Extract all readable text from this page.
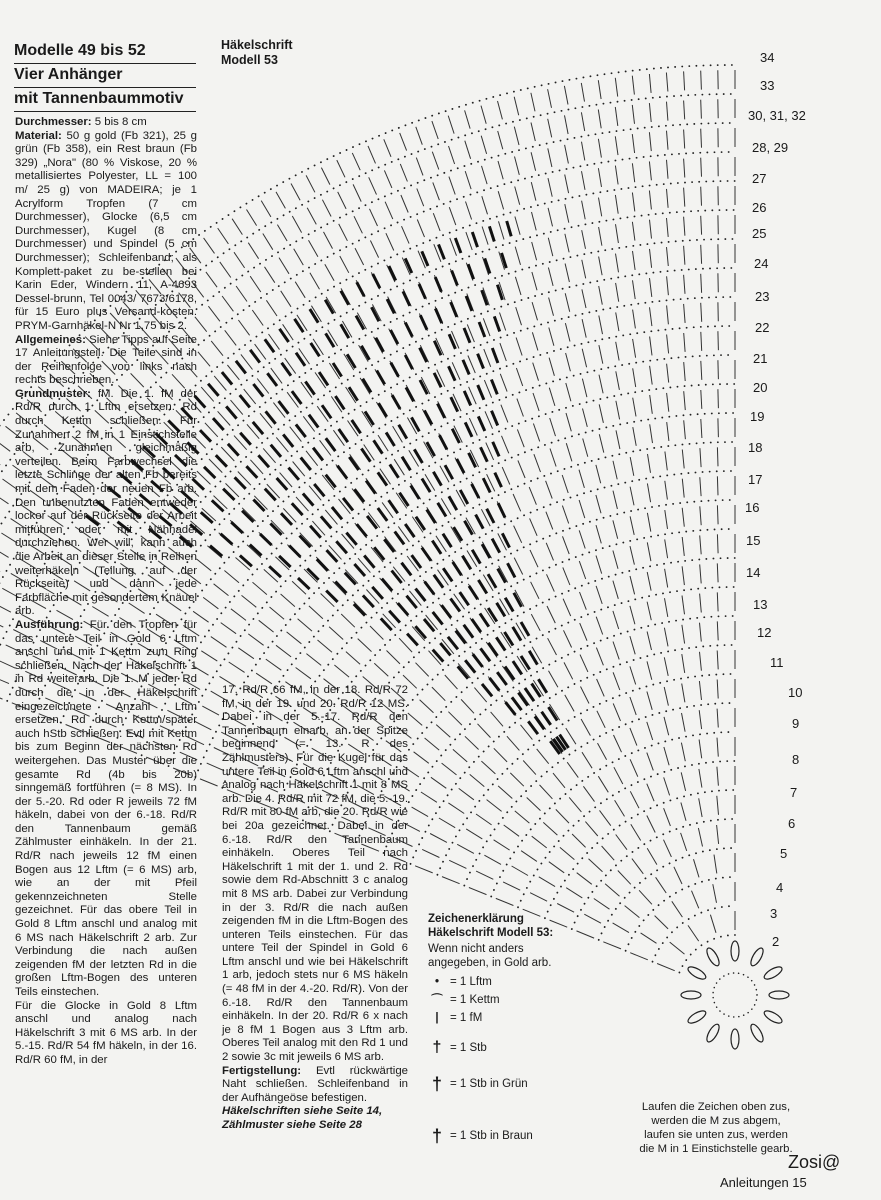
34
33
30, 31, 32
28, 29
27
26
25
24
23
22
21
20
19
18
17
16
15
14
13
12
11
10
9
8
7
6
5
4
3
2
Modelle 49 bis 52
Vier Anhänger
mit Tannenbaummotiv

Durchmesser: 5 bis 8 cm

Material: 50 g gold (Fb 321), 25 g grün (Fb 358), ein Rest braun (Fb 329) „Nora" (80 % Viskose, 20 % metallisiertes Polyester, LL = 100 m/ 25 g) von MADEIRA; je 1 Acrylform Tropfen (7 cm Durchmesser), Glocke (6,5 cm Durchmesser), Kugel (8 cm Durchmesser) und Spindel (5 cm Durchmesser); Schleifenband; als Komplett-paket zu be-stellen bei Karin Eder, Windern 11, A-4693 Dessel-brunn, Tel 0043/ 7673/6178, für 15 Euro plus Versand-kosten. PRYM-Garnhäkel-N Nr 1,75 bis 2.

Allgemeines: Siehe Tipps auf Seite 17 Anleitungsteil. Die Teile sind in der Reihenfolge von links nach rechts beschrieben.

Grundmuster: fM. Die 1. fM der Rd/R durch 1 Lftm ersetzen. Rd durch Kettm schließen. Für Zunahmen 2 fM in 1 Einstichstelle arb, Zunahmen gleichmäßig verteilen. Beim Farbwechsel die letzte Schlinge der alten Fb bereits mit dem Faden der neuen Fb arb. Den unbenutzten Faden entweder locker auf der Rückseite der Arbeit mitführen oder mit Nähnadel durchziehen. Wer will, kann auch die Arbeit an dieser Stelle in Reihen weiterhäkeln (Teilung auf der Rückseite) und dann jede Farbfläche mit gesondertem Knäuel arb.

Ausführung: Für den Tropfen für das untere Teil in Gold 6 Lftm anschl und mit 1 Kettm zum Ring schließen. Nach der Häkelschrift 1 in Rd weiterarb. Die 1. M jeder Rd durch die in der Häkelschrift eingezeichnete Anzahl Lftm ersetzen. Rd durch Kettm/später auch hStb schließen. Evtl mit Kettm bis zum Beginn der nächsten Rd weitergehen. Das Muster über die gesamte Rd (4b bis 20b) sinngemäß fortführen (= 8 MS). In der 5.-20. Rd oder R jeweils 72 fM häkeln, dabei von der 6.-18. Rd/R den Tannenbaum gemäß Zählmuster einhäkeln. In der 21. Rd/R nach jeweils 12 fM einen Bogen aus 12 Lftm (= 6 MS) arb, wie an der mit Pfeil gekennzeichneten Stelle gezeichnet. Für das obere Teil in Gold 8 Lftm anschl und analog mit 6 MS nach Häkelschrift 2 arb. Zur Verbindung die nach außen zeigenden fM der letzten Rd in die großen Lftm-Bogen des unteren Teils einstechen.

Für die Glocke in Gold 8 Lftm anschl und analog nach Häkelschrift 3 mit 6 MS arb. In der 5.-15. Rd/R 54 fM häkeln, in der 16. Rd/R 60 fM, in der

Häkelschrift
Modell 53

17. Rd/R 66 fM, in der 18. Rd/R 72 fM, in der 19. und 20. Rd/R 12 MS. Dabei in der 5.-17. Rd/R den Tannenbaum einarb, an der Spitze beginnend (= 13. R des Zählmusters). Für die Kugel für das untere Teil in Gold 6 Lftm anschl und analog nach Häkelschrift 1 mit 8 MS arb. Die 4. Rd/R mit 72 fM, die 5.-19. Rd/R mit 80 fM arb, die 20. Rd/R wie bei 20a gezeichnet. Dabei in der 6.-18. Rd/R den Tannenbaum einhäkeln. Oberes Teil nach Häkelschrift 1 mit der 1. und 2. Rd sowie dem Rd-Abschnitt 3 c analog mit 8 MS arb. Dabei zur Verbindung in der 3. Rd/R die nach außen zeigenden fM in die Lftm-Bogen des unteren Teils einstechen. Für das untere Teil der Spindel in Gold 6 Lftm anschl und wie bei Häkelschrift 1 arb, jedoch stets nur 6 MS häkeln (= 48 fM in der 4.-20. Rd/R). Von der 6.-18. Rd/R den Tannenbaum einhäkeln. In der 20. Rd/R 6 x nach je 8 fM 1 Bogen aus 3 Lftm arb. Oberes Teil analog mit den Rd 1 und 2 sowie 3c mit jeweils 6 MS arb.

Fertigstellung: Evtl rückwärtige Naht schließen. Schleifenband in der Aufhängeöse befestigen.

Häkelschriften siehe Seite 14,

Zählmuster siehe Seite 28

Zeichenerklärung
Häkelschrift Modell 53:
Wenn nicht anders
angegeben, in Gold arb.
• = 1 Lftm
⌒ = 1 Kettm
| = 1 fM
† = 1 Stb
† = 1 Stb in Grün
† = 1 Stb in Braun
Laufen die Zeichen oben zus,
werden die M zus abgem,
laufen sie unten zus, werden
die M in 1 Einstichstelle gearb.
Zosi@
Anleitungen 15
